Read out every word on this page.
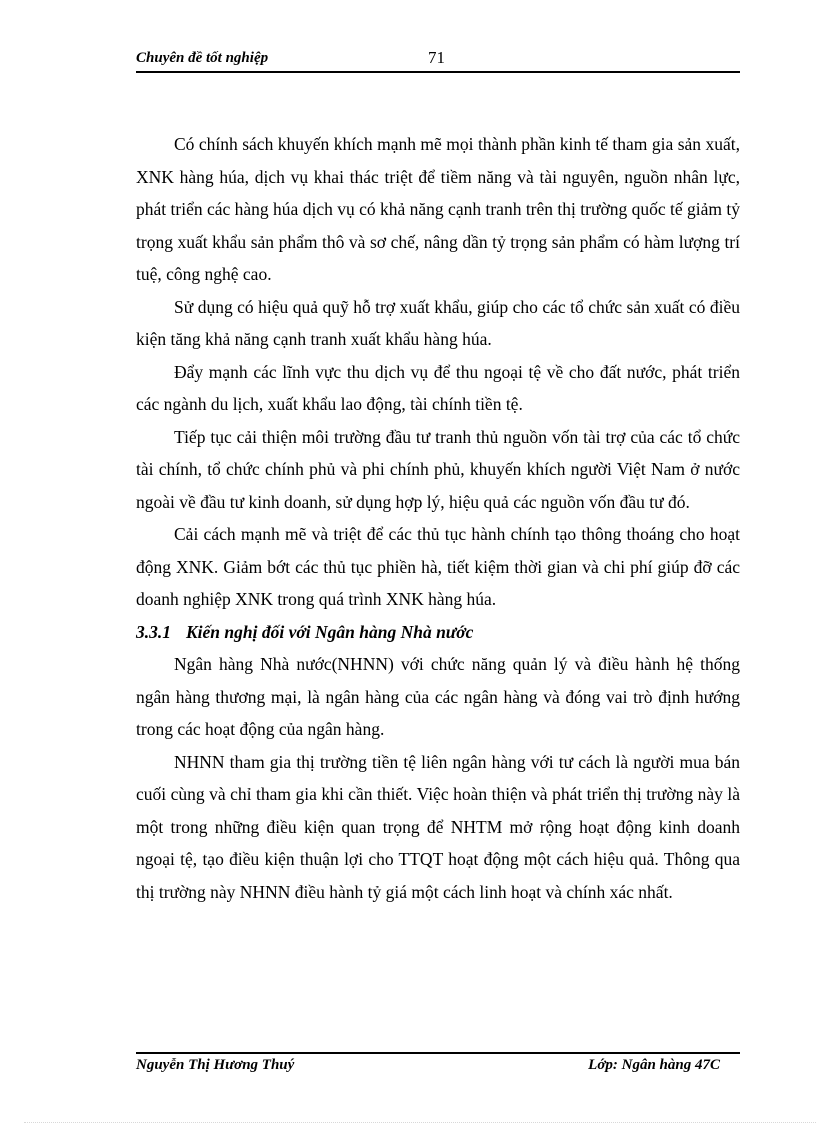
Chuyên đề tốt nghiệp	71

Có chính sách khuyến khích mạnh mẽ mọi thành phần kinh tế tham gia sản xuất, XNK hàng húa, dịch vụ khai thác triệt để tiềm năng và tài nguyên, nguồn nhân lực, phát triển các hàng húa dịch vụ có khả năng cạnh tranh trên thị trường quốc tế giảm tỷ trọng xuất khẩu sản phẩm thô và sơ chế, nâng dần tỷ trọng sản phẩm có hàm lượng trí tuệ, công nghệ cao.

Sử dụng có hiệu quả quỹ hỗ trợ xuất khẩu, giúp cho các tổ chức sản xuất có điều kiện tăng khả năng cạnh tranh xuất khẩu hàng húa.

Đẩy mạnh các lĩnh vực thu dịch vụ để thu ngoại tệ về cho đất nước, phát triển các ngành du lịch, xuất khẩu lao động, tài chính tiền tệ.

Tiếp tục cải thiện môi trường đầu tư tranh thủ nguồn vốn tài trợ của các tổ chức tài chính, tổ chức chính phủ và phi chính phủ, khuyến khích người Việt Nam ở nước ngoài về đầu tư kinh doanh, sử dụng hợp lý, hiệu quả các nguồn vốn đầu tư đó.

Cải cách mạnh mẽ và triệt để các thủ tục hành chính tạo thông thoáng cho hoạt động XNK. Giảm bớt các thủ tục phiền hà, tiết kiệm thời gian và chi phí giúp đỡ các doanh nghiệp XNK trong quá trình XNK hàng húa.

3.3.1 Kiến nghị đối với Ngân hàng Nhà nước

Ngân hàng Nhà nước(NHNN) với chức năng quản lý và điều hành hệ thống ngân hàng thương mại, là ngân hàng của các ngân hàng và đóng vai trò định hướng trong các hoạt động của ngân hàng.

NHNN tham gia thị trường tiền tệ liên ngân hàng với tư cách là người mua bán cuối cùng và chỉ tham gia khi cần thiết. Việc hoàn thiện và phát triển thị trường này là một trong những điều kiện quan trọng để NHTM mở rộng hoạt động kinh doanh ngoại tệ, tạo điều kiện thuận lợi cho TTQT hoạt động một cách hiệu quả. Thông qua thị trường này NHNN điều hành tỷ giá một cách linh hoạt và chính xác nhất.

Nguyễn Thị Hương Thuý	Lớp: Ngân hàng 47C
